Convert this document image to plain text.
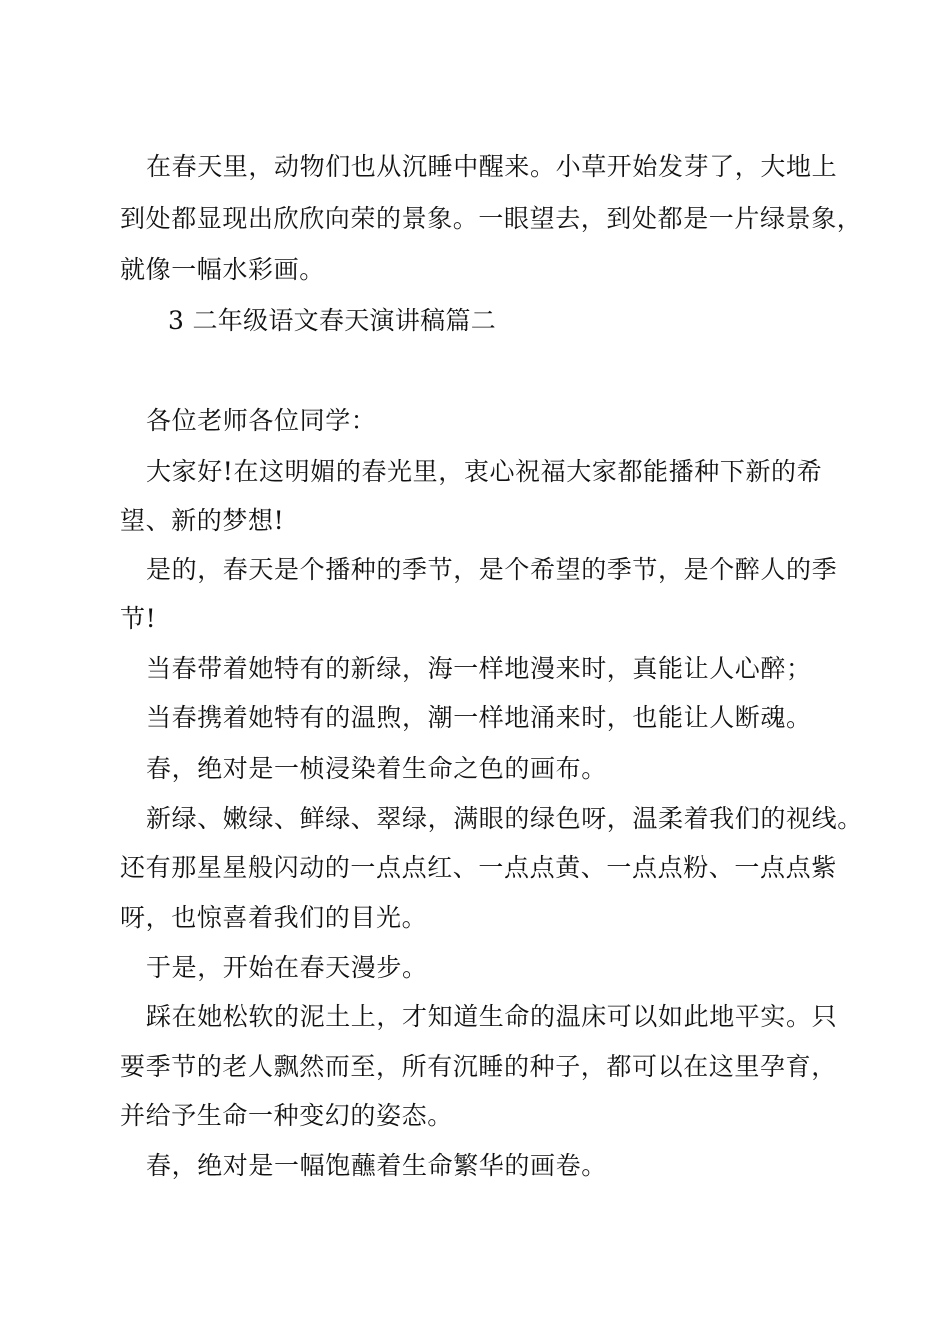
在春天里，动物们也从沉睡中醒来。小草开始发芽了，大地上
到处都显现出欣欣向荣的景象。一眼望去，到处都是一片绿景象，
就像一幅水彩画。
3 二年级语文春天演讲稿篇二
各位老师各位同学：
大家好!在这明媚的春光里，衷心祝福大家都能播种下新的希
望、新的梦想!
是的，春天是个播种的季节，是个希望的季节，是个醉人的季
节!
当春带着她特有的新绿，海一样地漫来时，真能让人心醉；
当春携着她特有的温煦，潮一样地涌来时，也能让人断魂。
春，绝对是一桢浸染着生命之色的画布。
新绿、嫩绿、鲜绿、翠绿，满眼的绿色呀，温柔着我们的视线。
还有那星星般闪动的一点点红、一点点黄、一点点粉、一点点紫
呀，也惊喜着我们的目光。
于是，开始在春天漫步。
踩在她松软的泥土上，才知道生命的温床可以如此地平实。只
要季节的老人飘然而至，所有沉睡的种子，都可以在这里孕育，
并给予生命一种变幻的姿态。
春，绝对是一幅饱蘸着生命繁华的画卷。
